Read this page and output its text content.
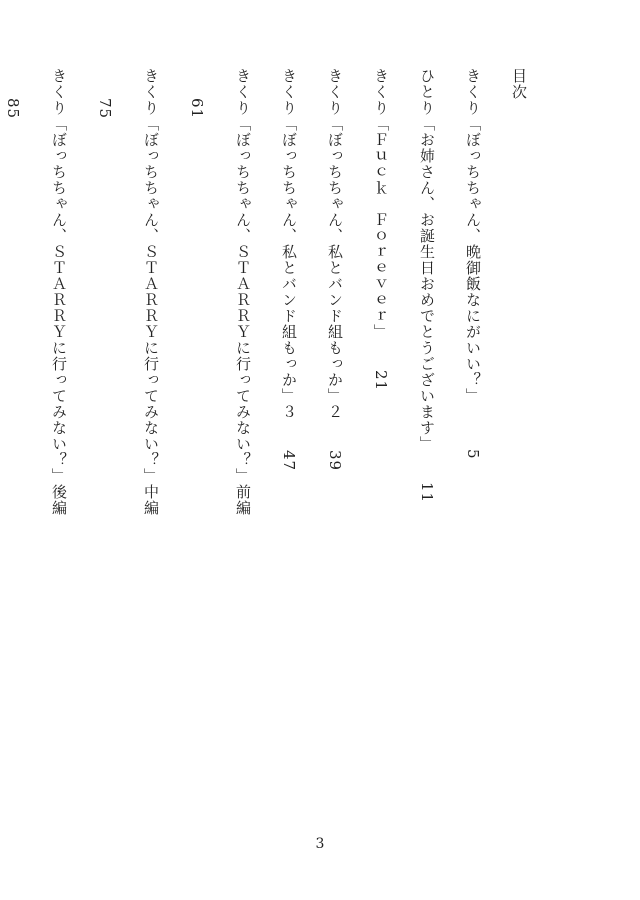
目次
きくり「ぼっちちゃん、晩御飯なにがいい？」5
ひとり「お姉さん、お誕生日おめでとうございます」11
きくり「Ｆｕｃｋ　Ｆｏｒｅｖｅｒ」21
きくり「ぼっちちゃん、私とバンド組もっか」２39
きくり「ぼっちちゃん、私とバンド組もっか」３47
きくり「ぼっちちゃん、ＳＴＡＲＲＹに行ってみない？」前編61
きくり「ぼっちちゃん、ＳＴＡＲＲＹに行ってみない？」中編75
きくり「ぼっちちゃん、ＳＴＡＲＲＹに行ってみない？」後編85
3
